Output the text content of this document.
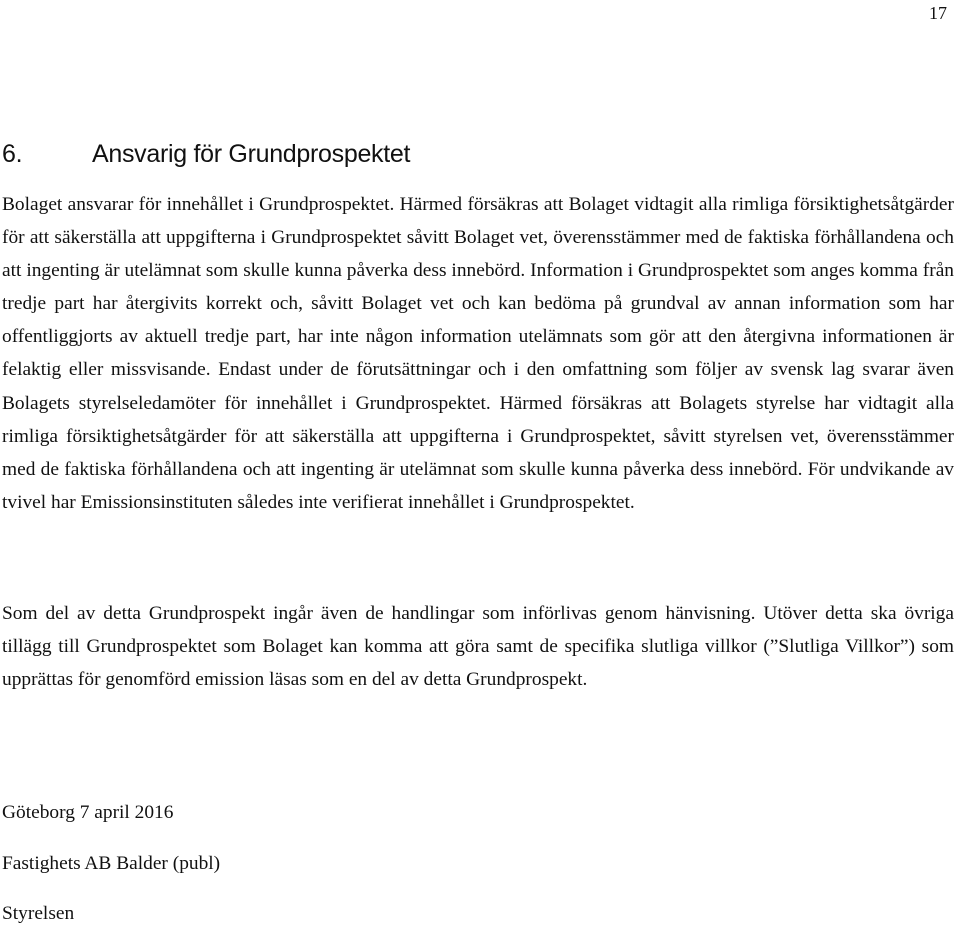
17
6.	Ansvarig för Grundprospektet

Bolaget ansvarar för innehållet i Grundprospektet. Härmed försäkras att Bolaget vidtagit alla rimliga försiktighetsåtgärder för att säkerställa att uppgifterna i Grundprospektet såvitt Bolaget vet, överensstämmer med de faktiska förhållandena och att ingenting är utelämnat som skulle kunna påverka dess innebörd. Information i Grundprospektet som anges komma från tredje part har återgivits korrekt och, såvitt Bolaget vet och kan bedöma på grundval av annan information som har offentliggjorts av aktuell tredje part, har inte någon information utelämnats som gör att den återgivna informationen är felaktig eller missvisande. Endast under de förutsättningar och i den omfattning som följer av svensk lag svarar även Bolagets styrelseledamöter för innehållet i Grundprospektet. Härmed försäkras att Bolagets styrelse har vidtagit alla rimliga försiktighetsåtgärder för att säkerställa att uppgifterna i Grundprospektet, såvitt styrelsen vet, överensstämmer med de faktiska förhållandena och att ingenting är utelämnat som skulle kunna påverka dess innebörd. För undvikande av tvivel har Emissionsinstituten således inte verifierat innehållet i Grundprospektet.

Som del av detta Grundprospekt ingår även de handlingar som införlivas genom hänvisning. Utöver detta ska övriga tillägg till Grundprospektet som Bolaget kan komma att göra samt de specifika slutliga villkor (”Slutliga Villkor”) som upprättas för genomförd emission läsas som en del av detta Grundprospekt.

Göteborg 7 april 2016

Fastighets AB Balder (publ)

Styrelsen
